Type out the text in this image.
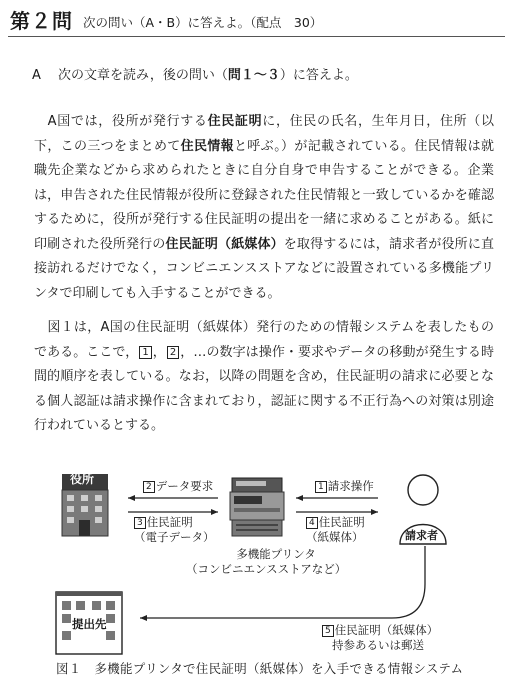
第２問 次の問い（A・B）に答えよ。（配点　30）
A　 次の文章を読み，後の問い（問１～３）に答えよ。
　A国では，役所が発行する住民証明に，住民の氏名，生年月日，住所（以下，この三つをまとめて住民情報と呼ぶ。）が記載されている。住民情報は就職先企業などから求められたときに自分自身で申告することができる。企業は，申告された住民情報が役所に登録された住民情報と一致しているかを確認するために，役所が発行する住民証明の提出を一緒に求めることがある。紙に印刷された役所発行の住民証明（紙媒体）を取得するには，請求者が役所に直接訪れるだけでなく，コンビニエンスストアなどに設置されている多機能プリンタで印刷しても入手することができる。
　図１は，A国の住民証明（紙媒体）発行のための情報システムを表したものである。ここで， 1 ， 2 ，…の数字は操作・要求やデータの移動が発生する時間的順序を表している。なお，以降の問題を含め，住民証明の請求に必要となる個人認証は請求操作に含まれており，認証に関する不正行為への対策は別途行われているとする。
役所
提出先
請求者
2 データ要求
3 住民証明
（電子データ）
1 請求操作
4 住民証明
（紙媒体）
多機能プリンタ

（コンビニエンスストアなど）
5 住民証明（紙媒体）
持参あるいは郵送
図１　多機能プリンタで住民証明（紙媒体）を入手できる情報システム
